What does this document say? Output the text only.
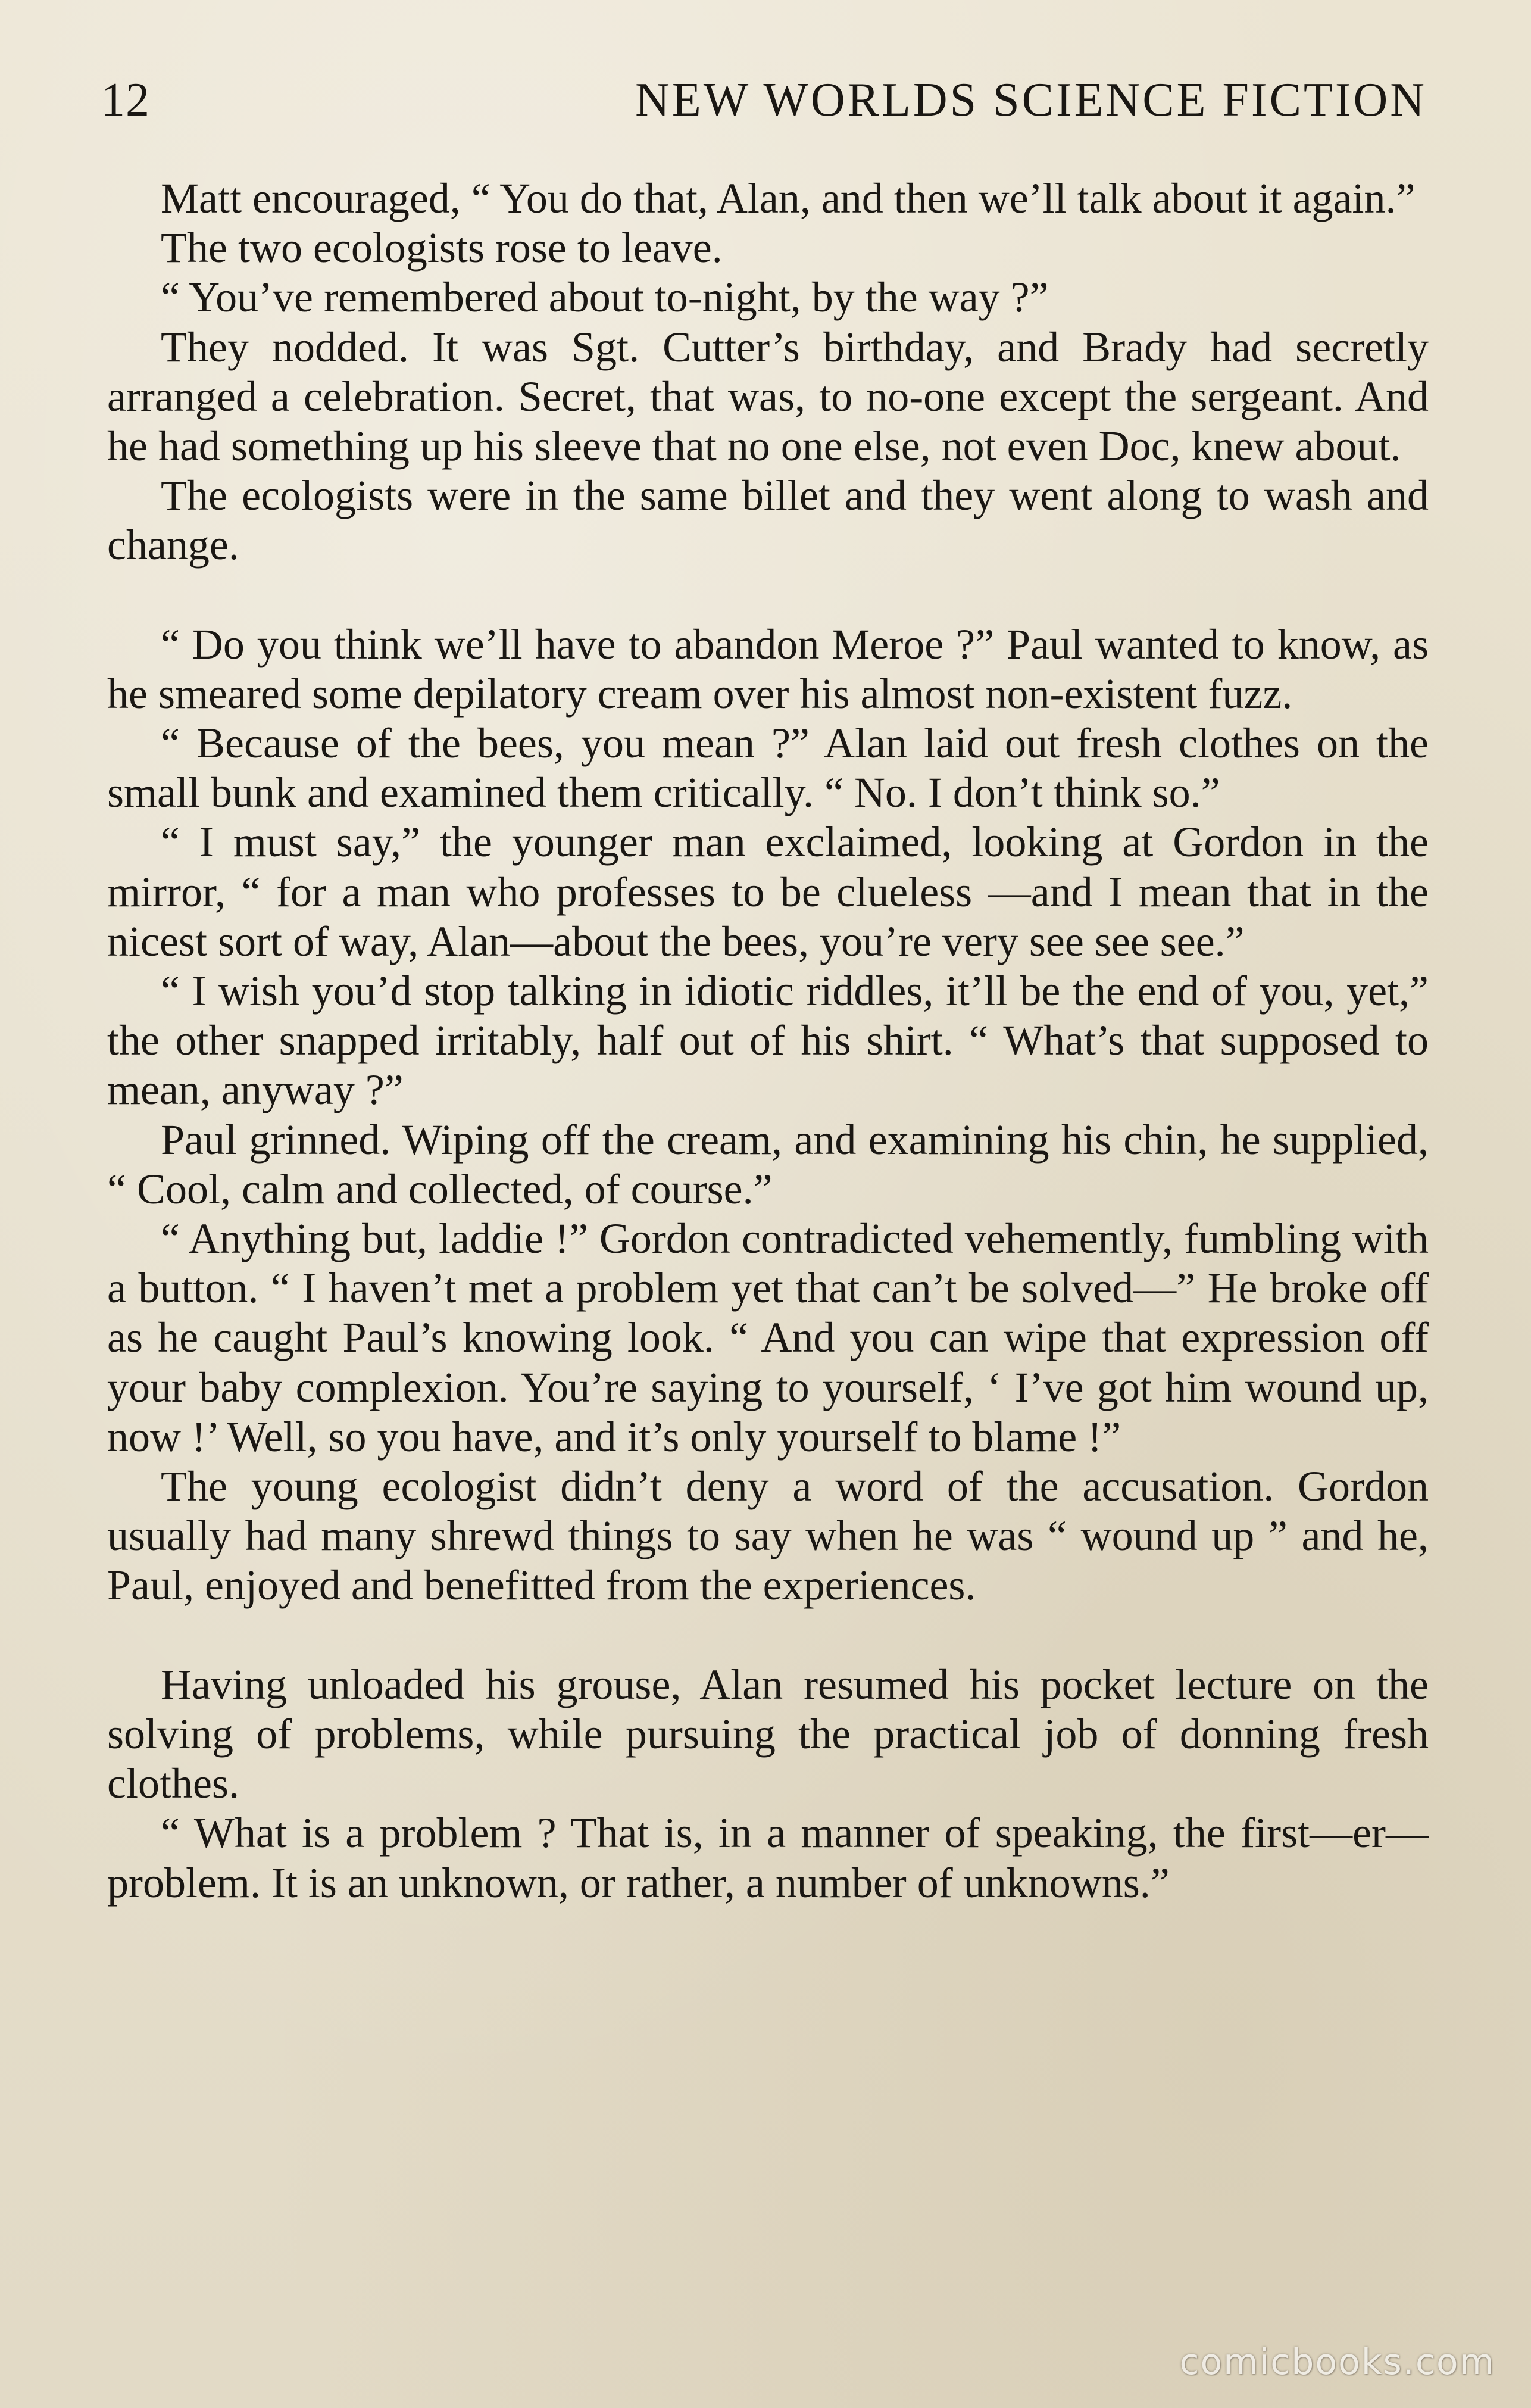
12	NEW WORLDS SCIENCE FICTION

Matt encouraged, “ You do that, Alan, and then we’ll talk about it again.”

The two ecologists rose to leave.

“ You’ve remembered about to-night, by the way ?”

They nodded. It was Sgt. Cutter’s birthday, and Brady had secretly arranged a celebration. Secret, that was, to no-one except the sergeant. And he had something up his sleeve that no one else, not even Doc, knew about.

The ecologists were in the same billet and they went along to wash and change.

“ Do you think we’ll have to abandon Meroe ?” Paul wanted to know, as he smeared some depilatory cream over his almost non-existent fuzz.

“ Because of the bees, you mean ?” Alan laid out fresh clothes on the small bunk and examined them critically. “ No. I don’t think so.”

“ I must say,” the younger man exclaimed, looking at Gordon in the mirror, “ for a man who professes to be clueless —and I mean that in the nicest sort of way, Alan—about the bees, you’re very see see see.”

“ I wish you’d stop talking in idiotic riddles, it’ll be the end of you, yet,” the other snapped irritably, half out of his shirt. “ What’s that supposed to mean, anyway ?”

Paul grinned. Wiping off the cream, and examining his chin, he supplied, “ Cool, calm and collected, of course.”

“ Anything but, laddie !” Gordon contradicted vehemently, fumbling with a button. “ I haven’t met a problem yet that can’t be solved—” He broke off as he caught Paul’s knowing look. “ And you can wipe that expression off your baby complexion. You’re saying to yourself, ‘ I’ve got him wound up, now !’ Well, so you have, and it’s only yourself to blame !”

The young ecologist didn’t deny a word of the accusation. Gordon usually had many shrewd things to say when he was “ wound up ” and he, Paul, enjoyed and benefitted from the experiences.

Having unloaded his grouse, Alan resumed his pocket lecture on the solving of problems, while pursuing the practical job of donning fresh clothes.

“ What is a problem ? That is, in a manner of speaking, the first—er—problem. It is an unknown, or rather, a number of unknowns.”

comicbooks.com
